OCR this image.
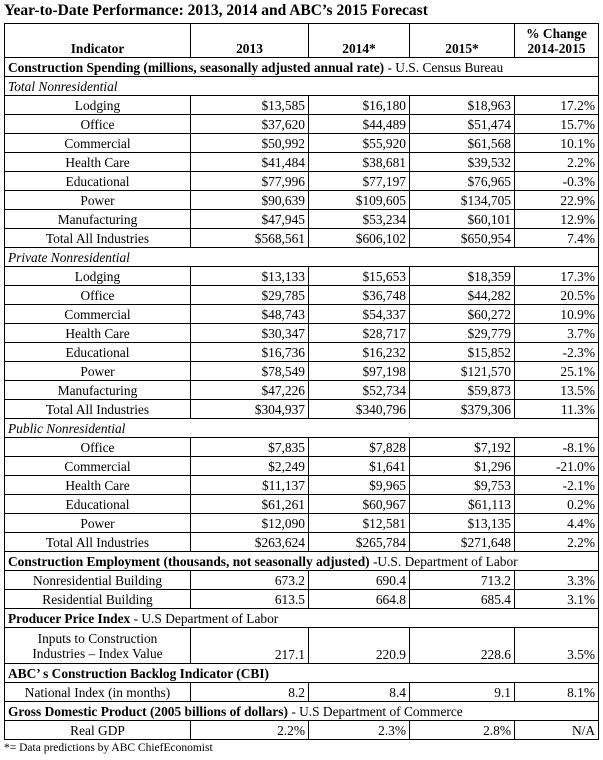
Year-to-Date Performance: 2013, 2014 and ABC’s 2015 Forecast
Indicator	2013	2014*	2015*	% Change
2014-2015
Construction Spending (millions, seasonally adjusted annual rate) - U.S. Census Bureau				
Total Nonresidential				
Lodging	$13,585	$16,180	$18,963	17.2%
Office	$37,620	$44,489	$51,474	15.7%
Commercial	$50,992	$55,920	$61,568	10.1%
Health Care	$41,484	$38,681	$39,532	2.2%
Educational	$77,996	$77,197	$76,965	-0.3%
Power	$90,639	$109,605	$134,705	22.9%
Manufacturing	$47,945	$53,234	$60,101	12.9%
Total All Industries	$568,561	$606,102	$650,954	7.4%
Private Nonresidential				
Lodging	$13,133	$15,653	$18,359	17.3%
Office	$29,785	$36,748	$44,282	20.5%
Commercial	$48,743	$54,337	$60,272	10.9%
Health Care	$30,347	$28,717	$29,779	3.7%
Educational	$16,736	$16,232	$15,852	-2.3%
Power	$78,549	$97,198	$121,570	25.1%
Manufacturing	$47,226	$52,734	$59,873	13.5%
Total All Industries	$304,937	$340,796	$379,306	11.3%
Public Nonresidential				
Office	$7,835	$7,828	$7,192	-8.1%
Commercial	$2,249	$1,641	$1,296	-21.0%
Health Care	$11,137	$9,965	$9,753	-2.1%
Educational	$61,261	$60,967	$61,113	0.2%
Power	$12,090	$12,581	$13,135	4.4%
Total All Industries	$263,624	$265,784	$271,648	2.2%
Construction Employment (thousands, not seasonally adjusted) -U.S. Department of Labor				
Nonresidential Building	673.2	690.4	713.2	3.3%
Residential Building	613.5	664.8	685.4	3.1%
Producer Price Index - U.S Department of Labor				
Inputs to Construction
Industries – Index Value	217.1	220.9	228.6	3.5%
ABC’ s Construction Backlog Indicator (CBI)				
National Index (in months)	8.2	8.4	9.1	8.1%
Gross Domestic Product (2005 billions of dollars) - U.S Department of Commerce				
Real GDP	2.2%	2.3%	2.8%	N/A
*= Data predictions by ABC ChiefEconomist
